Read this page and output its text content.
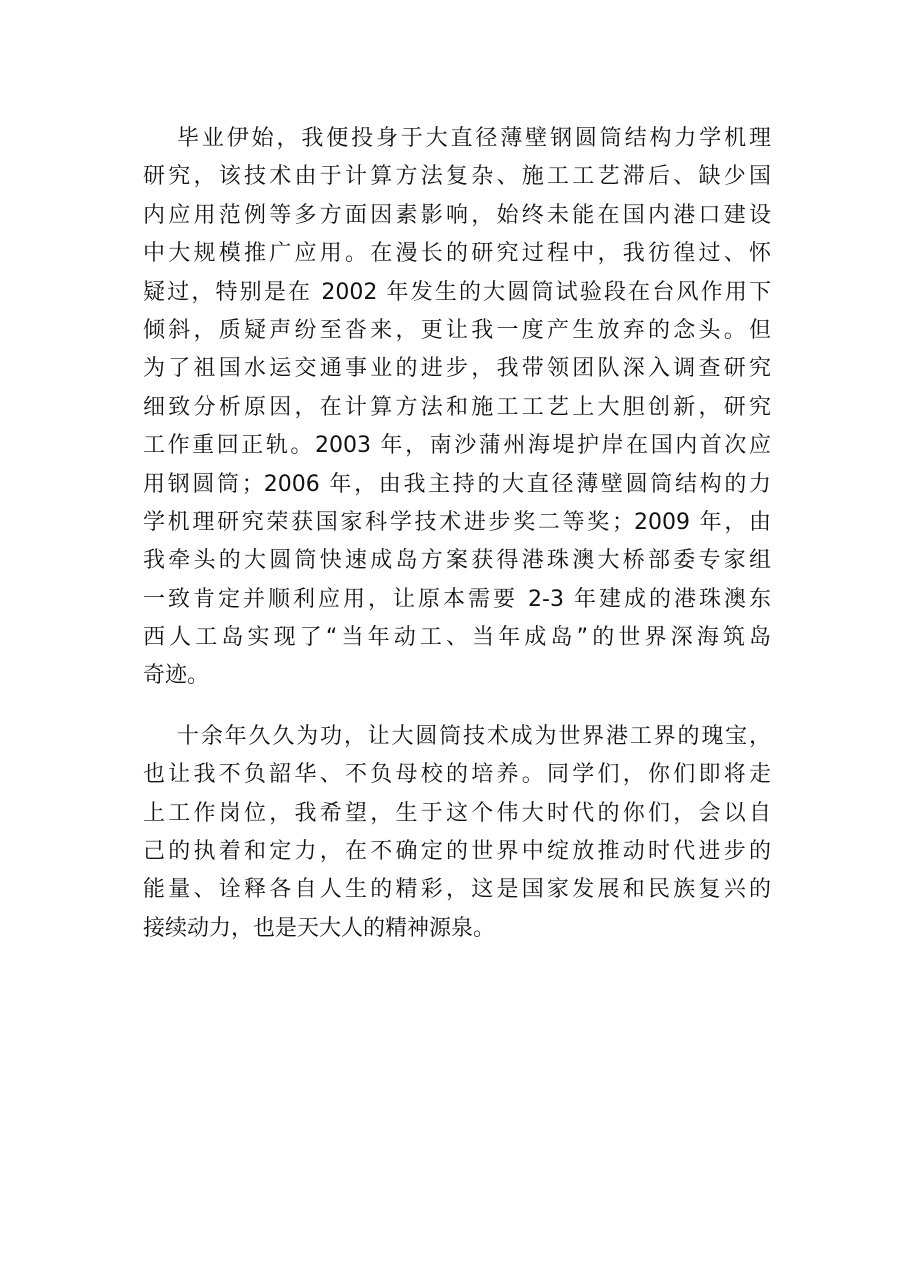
毕业伊始，我便投身于大直径薄壁钢圆筒结构力学机理
研究，该技术由于计算方法复杂、施工工艺滞后、缺少国
内应用范例等多方面因素影响，始终未能在国内港口建设
中大规模推广应用。在漫长的研究过程中，我彷徨过、怀
疑过，特别是在 2002 年发生的大圆筒试验段在台风作用下
倾斜，质疑声纷至沓来，更让我一度产生放弃的念头。但
为了祖国水运交通事业的进步，我带领团队深入调查研究
细致分析原因，在计算方法和施工工艺上大胆创新，研究
工作重回正轨。2003 年，南沙蒲州海堤护岸在国内首次应
用钢圆筒；2006 年，由我主持的大直径薄壁圆筒结构的力
学机理研究荣获国家科学技术进步奖二等奖；2009 年，由
我牵头的大圆筒快速成岛方案获得港珠澳大桥部委专家组
一致肯定并顺利应用，让原本需要 2-3 年建成的港珠澳东
西人工岛实现了“当年动工、当年成岛”的世界深海筑岛
奇迹。
十余年久久为功，让大圆筒技术成为世界港工界的瑰宝，
也让我不负韶华、不负母校的培养。同学们，你们即将走
上工作岗位，我希望，生于这个伟大时代的你们，会以自
己的执着和定力，在不确定的世界中绽放推动时代进步的
能量、诠释各自人生的精彩，这是国家发展和民族复兴的
接续动力，也是天大人的精神源泉。
